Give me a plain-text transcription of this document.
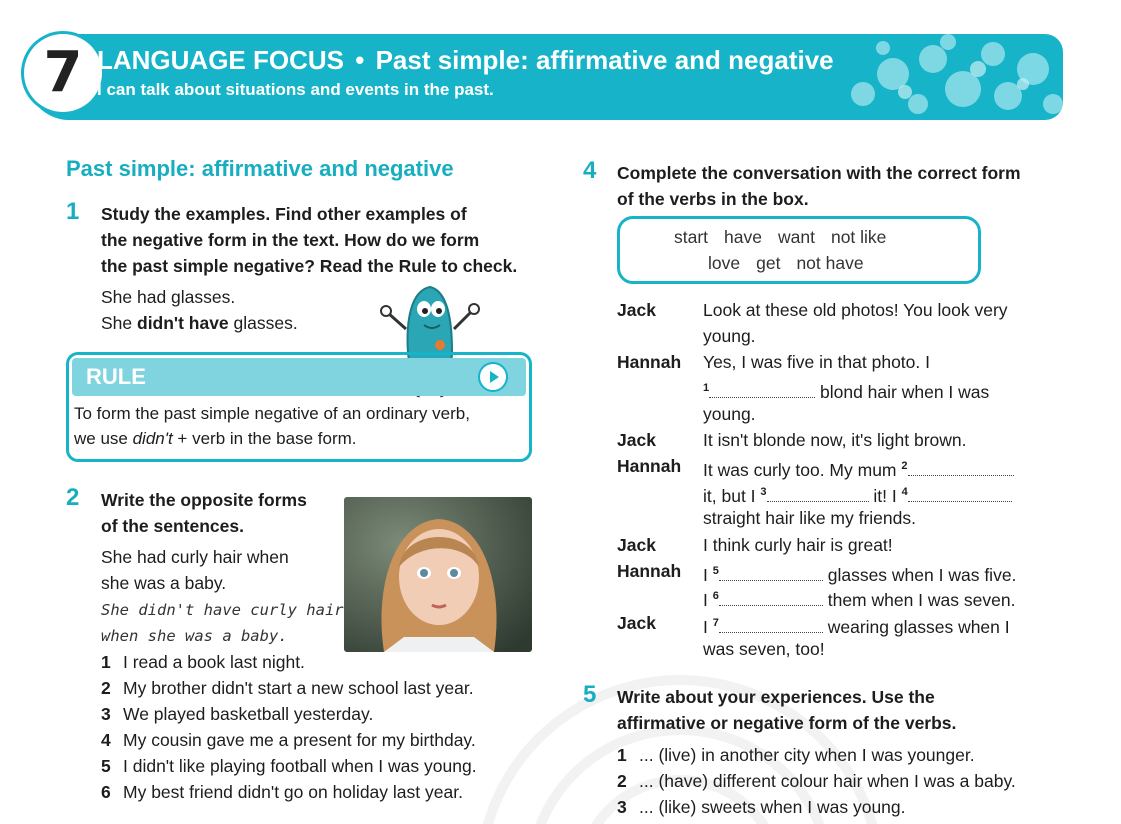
7 LANGUAGE FOCUS • Past simple: affirmative and negative
I can talk about situations and events in the past.
Past simple: affirmative and negative
1 Study the examples. Find other examples of
the negative form in the text. How do we form
the past simple negative? Read the Rule to check.
She had glasses.
She didn't have glasses.
RULE
To form the past simple negative of an ordinary verb,
we use didn't + verb in the base form.
2 Write the opposite forms
of the sentences.
She had curly hair when
she was a baby.
She didn't have curly hair
when she was a baby.
1 I read a book last night.
2 My brother didn't start a new school last year.
3 We played basketball yesterday.
4 My cousin gave me a present for my birthday.
5 I didn't like playing football when I was young.
6 My best friend didn't go on holiday last year.
4 Complete the conversation with the correct form
of the verbs in the box.
start have want not like
love get not have
Jack	Look at these old photos! You look very
young.
Hannah Yes, I was five in that photo. I
$^1$	blond hair when I was
young.
Jack	It isn't blonde now, it's light brown.
Hannah It was curly too. My mum $^2$
it, but I $^3$	it! I $^4$
straight hair like my friends.
Jack	I think curly hair is great!
Hannah I $^5$	glasses when I was five.
I $^6$	them when I was seven.
Jack	I $^7$	wearing glasses when I
was seven, too!
5 Write about your experiences. Use the
affirmative or negative form of the verbs.
1 ... (live) in another city when I was younger.
2 ... (have) different colour hair when I was a baby.
3 ... (like) sweets when I was young.
